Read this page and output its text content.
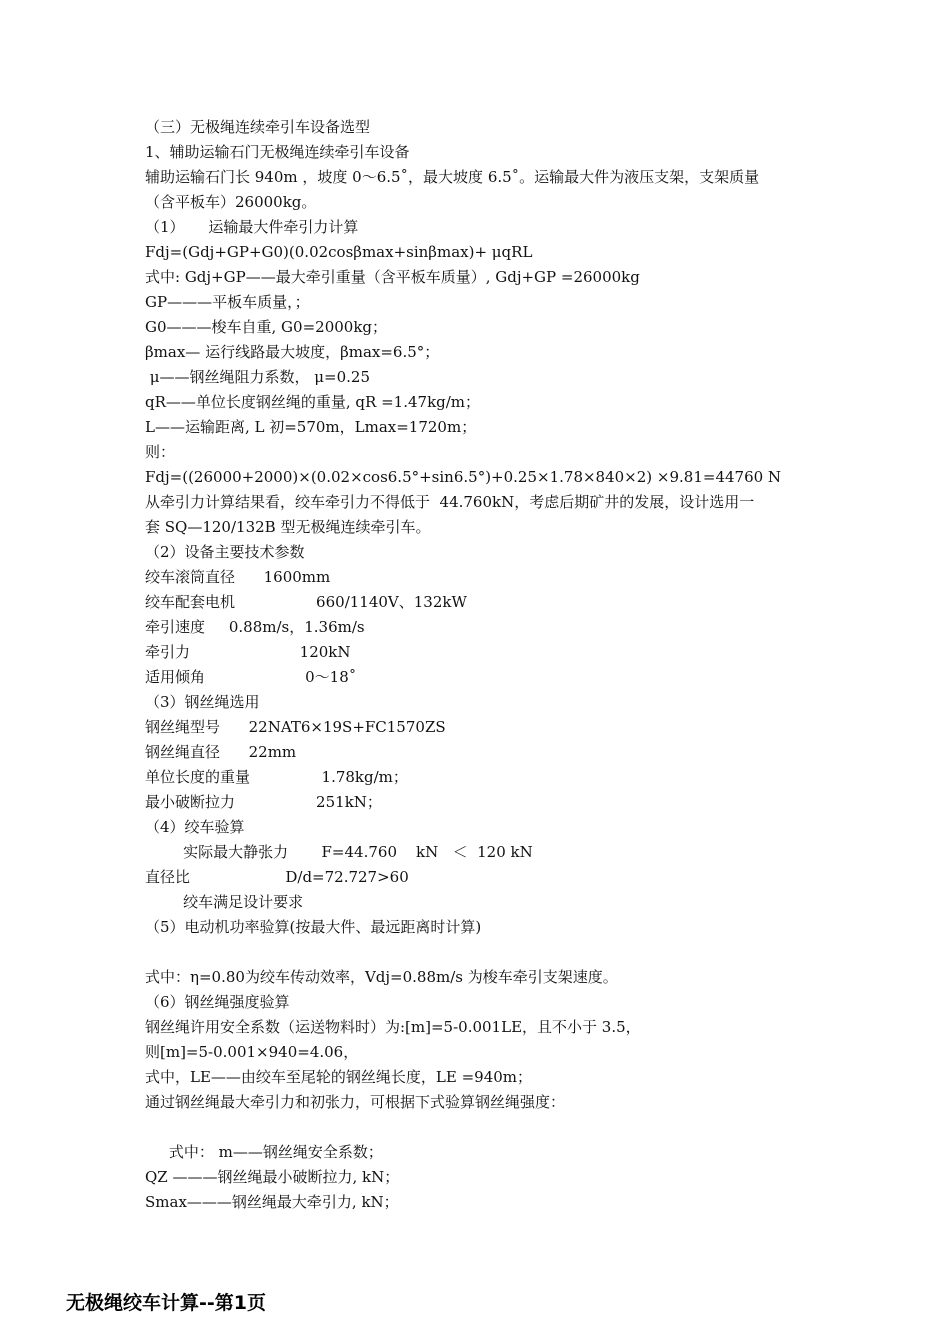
（三）无极绳连续牵引车设备选型
1、辅助运输石门无极绳连续牵引车设备
辅助运输石门长 940m ，坡度 0～6.5˚，最大坡度 6.5˚。运输最大件为液压支架，支架质量
（含平板车）26000kg。
（1）     运输最大件牵引力计算
Fdj=(Gdj+GP+G0)(0.02cosβmax+sinβmax)+ μqRL
式中: Gdj+GP——最大牵引重量（含平板车质量）, Gdj+GP =26000kg
GP———平板车质量，；
G0———梭车自重, G0=2000kg；
βmax— 运行线路最大坡度，βmax=6.5°；
μ——钢丝绳阻力系数， μ=0.25
qR——单位长度钢丝绳的重量, qR =1.47kg/m；
L——运输距离, L 初=570m，Lmax=1720m；
则：
Fdj=((26000+2000)×(0.02×cos6.5°+sin6.5°)+0.25×1.78×840×2) ×9.81=44760 N
从牵引力计算结果看，绞车牵引力不得低于  44.760kN，考虑后期矿井的发展，设计选用一
套 SQ—120/132B 型无极绳连续牵引车。
（2）设备主要技术参数
绞车滚筒直径      1600mm
绞车配套电机                 660/1140V、132kW
牵引速度     0.88m/s，1.36m/s
牵引力                       120kN
适用倾角                     0～18˚
（3）钢丝绳选用
钢丝绳型号      22NAT6×19S+FC1570ZS
钢丝绳直径      22mm
单位长度的重量               1.78kg/m；
最小破断拉力                 251kN；
（4）绞车验算
实际最大静张力       F=44.760    kN   ＜  120 kN
直径比                    D/d=72.727>60
绞车满足设计要求
（5）电动机功率验算(按最大件、最远距离时计算)
式中：η=0.80为绞车传动效率，Vdj=0.88m/s 为梭车牵引支架速度。
（6）钢丝绳强度验算
钢丝绳许用安全系数（运送物料时）为:[m]=5-0.001LE，且不小于 3.5，
则[m]=5-0.001×940=4.06，
式中，LE——由绞车至尾轮的钢丝绳长度，LE =940m；
通过钢丝绳最大牵引力和初张力，可根据下式验算钢丝绳强度：
式中： m——钢丝绳安全系数；
QZ ———钢丝绳最小破断拉力, kN；
Smax———钢丝绳最大牵引力, kN；
无极绳绞车计算--第1页
